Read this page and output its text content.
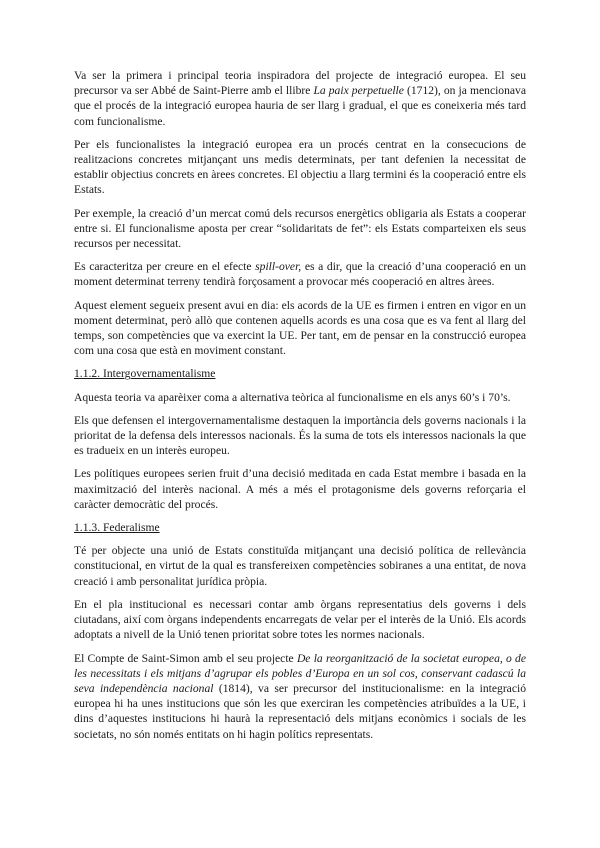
Va ser la primera i principal teoria inspiradora del projecte de integració europea. El seu precursor va ser Abbé de Saint-Pierre amb el llibre La paix perpetuelle (1712), on ja mencionava que el procés de la integració europea hauria de ser llarg i gradual, el que es coneixeria més tard com funcionalisme.

Per els funcionalistes la integració europea era un procés centrat en la consecucions de realitzacions concretes mitjançant uns medis determinats, per tant defenien la necessitat de establir objectius concrets en àrees concretes. El objectiu a llarg termini és la cooperació entre els Estats.

Per exemple, la creació d’un mercat comú dels recursos energètics obligaria als Estats a cooperar entre si. El funcionalisme aposta per crear “solidaritats de fet”: els Estats comparteixen els seus recursos per necessitat.

Es caracteritza per creure en el efecte spill-over, es a dir, que la creació d’una cooperació en un moment determinat terreny tendirà forçosament a provocar més cooperació en altres àrees.

Aquest element segueix present avui en dia: els acords de la UE es firmen i entren en vigor en un moment determinat, però allò que contenen aquells acords es una cosa que es va fent al llarg del temps, son competències que va exercint la UE. Per tant, em de pensar en la construcció europea com una cosa que està en moviment constant.

1.1.2. Intergovernamentalisme

Aquesta teoria va aparèixer coma a alternativa teòrica al funcionalisme en els anys 60’s i 70’s.

Els que defensen el intergovernamentalisme destaquen la importància dels governs nacionals i la prioritat de la defensa dels interessos nacionals. És la suma de tots els interessos nacionals la que es tradueix en un interès europeu.

Les polítiques europees serien fruit d’una decisió meditada en cada Estat membre i basada en la maximització del interès nacional. A més a més el protagonisme dels governs reforçaria el caràcter democràtic del procés.

1.1.3. Federalisme

Té per objecte una unió de Estats constituïda mitjançant una decisió política de rellevància constitucional, en virtut de la qual es transfereixen competències sobiranes a una entitat, de nova creació i amb personalitat jurídica pròpia.

En el pla institucional es necessari contar amb òrgans representatius dels governs i dels ciutadans, així com òrgans independents encarregats de velar per el interès de la Unió. Els acords adoptats a nivell de la Unió tenen prioritat sobre totes les normes nacionals.

El Compte de Saint-Simon amb el seu projecte De la reorganització de la societat europea, o de les necessitats i els mitjans d’agrupar els pobles d’Europa en un sol cos, conservant cadascú la seva independència nacional (1814), va ser precursor del institucionalisme: en la integració europea hi ha unes institucions que són les que exerciran les competències atribuïdes a la UE, i dins d’aquestes institucions hi haurà la representació dels mitjans econòmics i socials de les societats, no són només entitats on hi hagin polítics representats.
